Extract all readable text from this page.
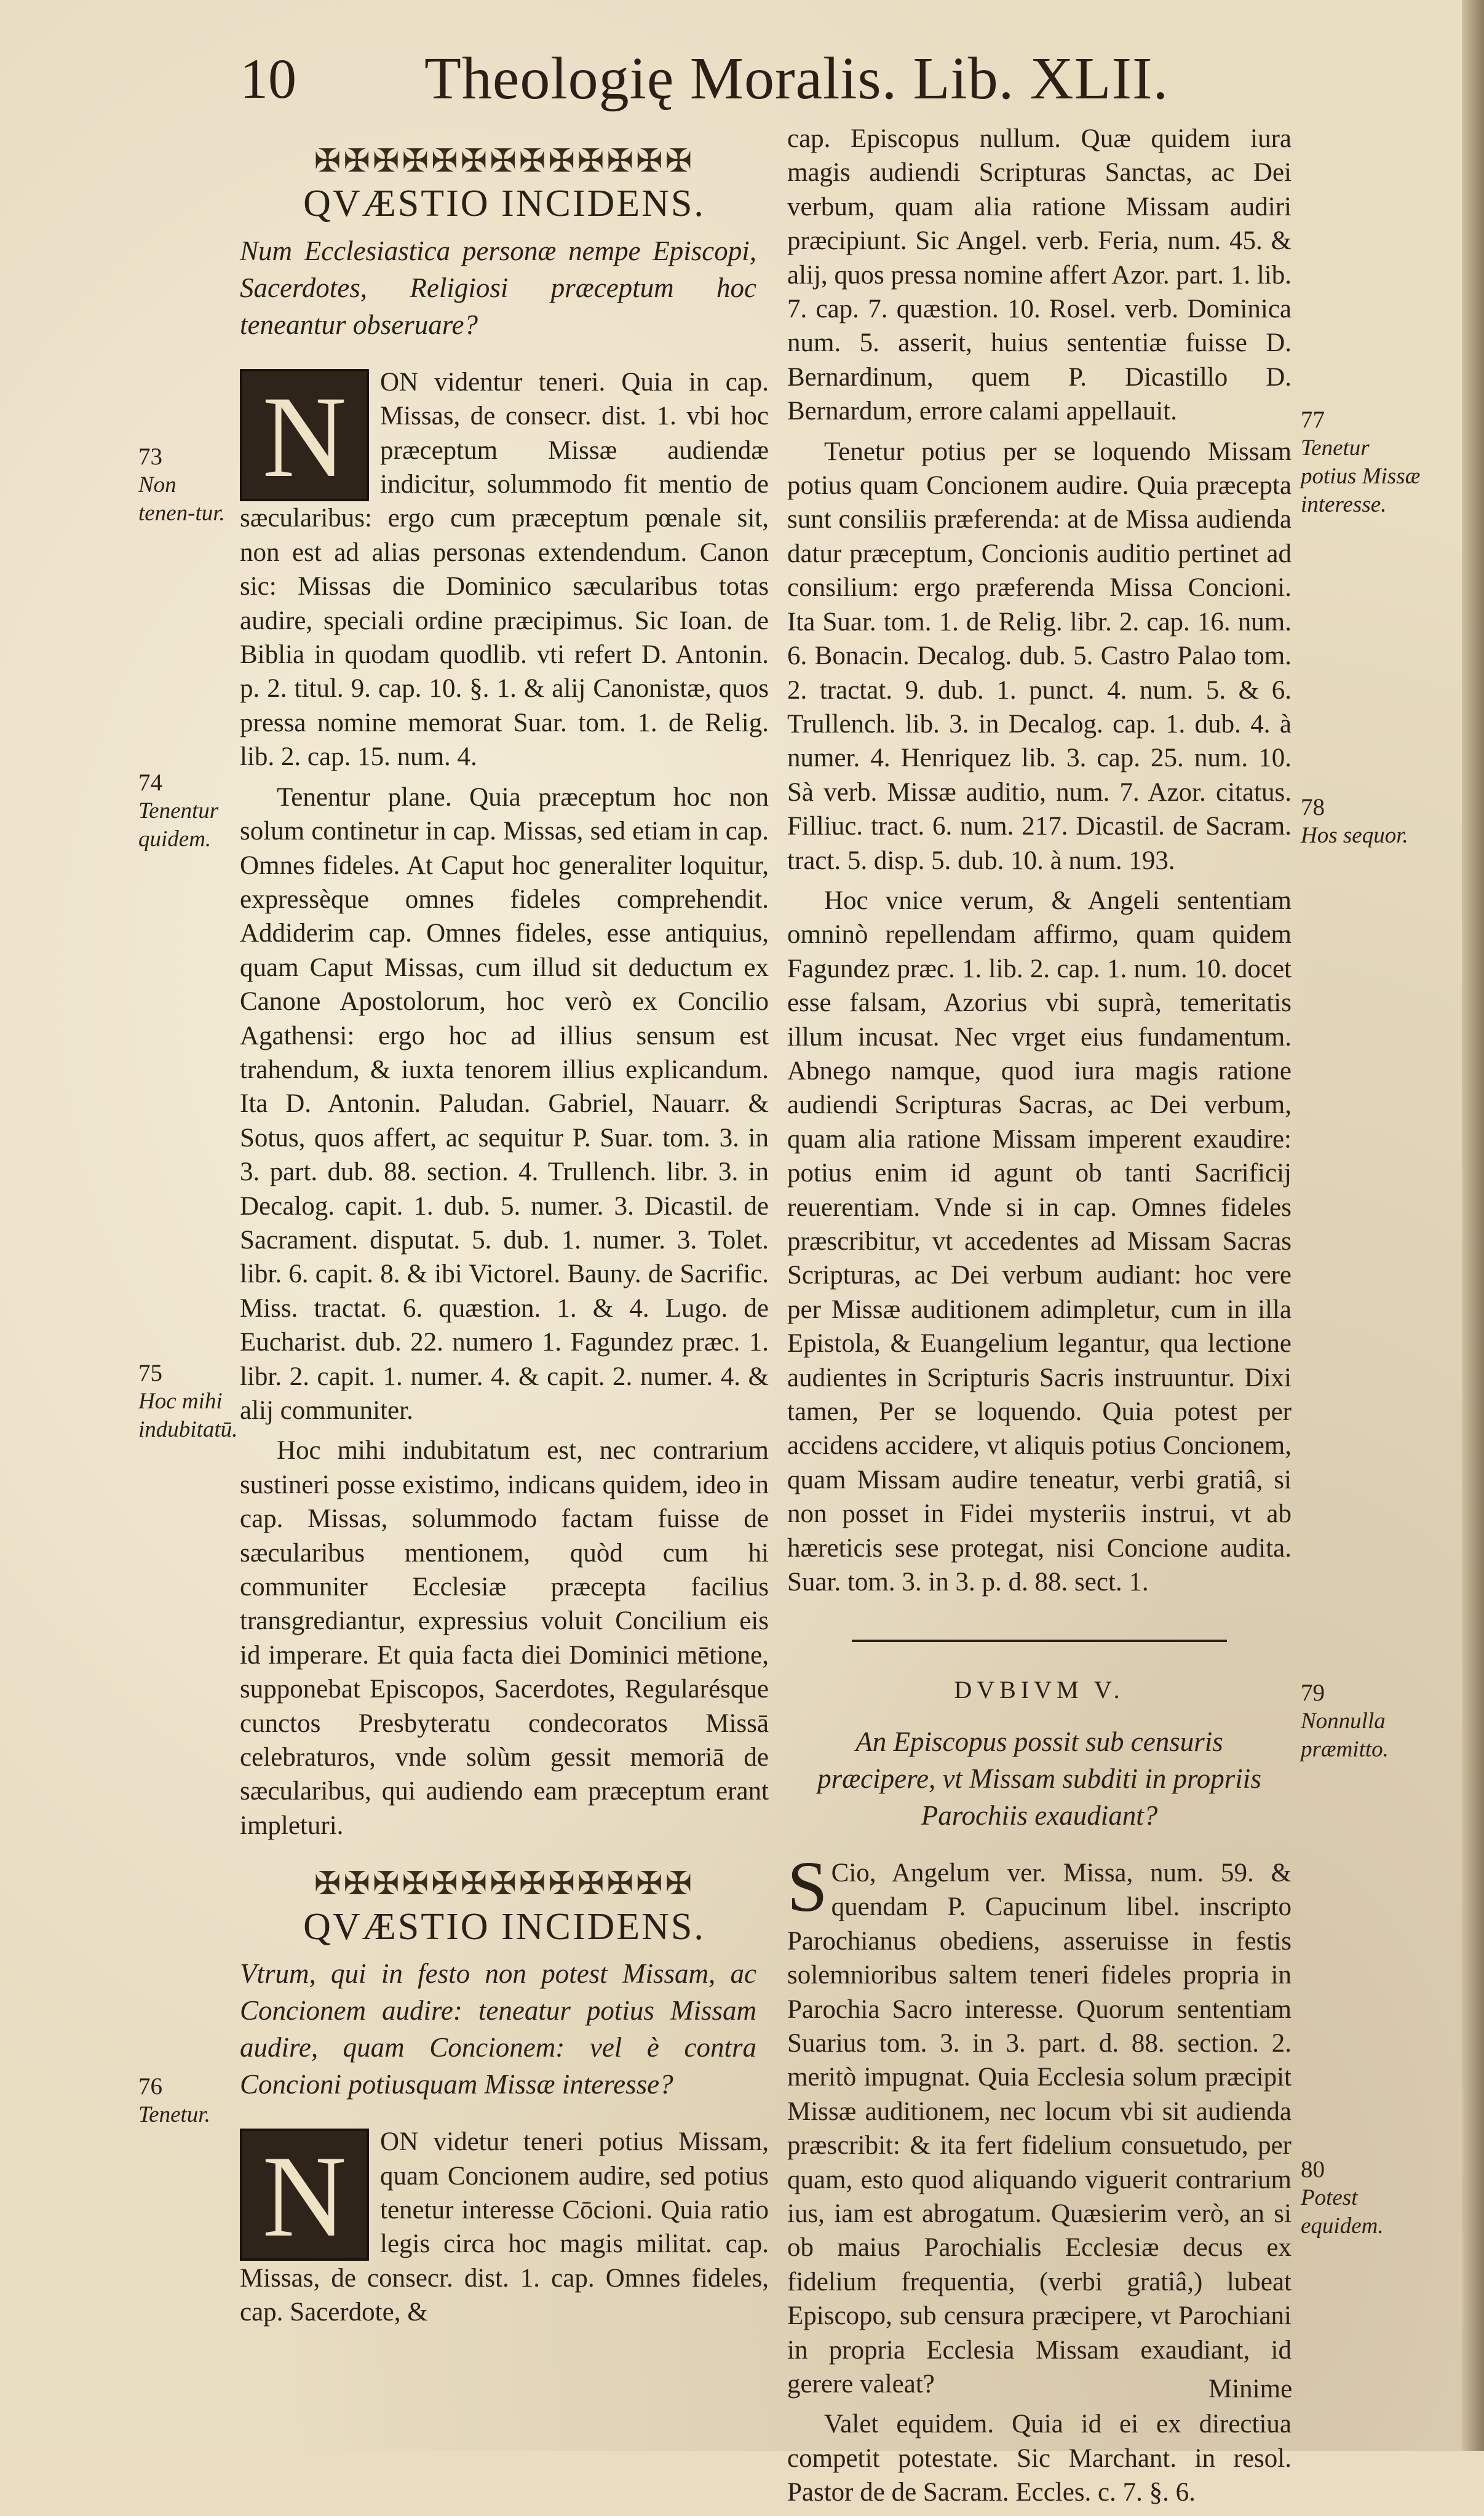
10 Theologię Moralis. Lib. XLII.
✠✠✠✠✠✠✠✠✠✠✠✠✠
QVÆSTIO INCIDENS.
Num Ecclesiastica personæ nempe Episcopi, Sacerdotes, Religiosi præceptum hoc teneantur obseruare?

N	ON videntur teneri. Quia in cap. Missas, de consecr. dist. 1. vbi hoc præceptum Missæ audiendæ indicitur, solummodo fit mentio de sæcularibus: ergo cum præceptum pœnale sit, non est ad alias personas extendendum. Canon sic: Missas die Dominico sæcularibus totas audire, speciali ordine præcipimus. Sic Ioan. de Biblia in quodam quodlib. vti refert D. Antonin. p. 2. titul. 9. cap. 10. §. 1. & alij Canonistæ, quos pressa nomine memorat Suar. tom. 1. de Relig. lib. 2. cap. 15. num. 4.

Tenentur plane. Quia præceptum hoc non solum continetur in cap. Missas, sed etiam in cap. Omnes fideles. At Caput hoc generaliter loquitur, expressèque omnes fideles comprehendit. Addiderim cap. Omnes fideles, esse antiquius, quam Caput Missas, cum illud sit deductum ex Canone Apostolorum, hoc verò ex Concilio Agathensi: ergo hoc ad illius sensum est trahendum, & iuxta tenorem illius explicandum. Ita D. Antonin. Paludan. Gabriel, Nauarr. & Sotus, quos affert, ac sequitur P. Suar. tom. 3. in 3. part. dub. 88. section. 4. Trullench. libr. 3. in Decalog. capit. 1. dub. 5. numer. 3. Dicastil. de Sacrament. disputat. 5. dub. 1. numer. 3. Tolet. libr. 6. capit. 8. & ibi Victorel. Bauny. de Sacrific. Miss. tractat. 6. quæstion. 1. & 4. Lugo. de Eucharist. dub. 22. numero 1. Fagundez præc. 1. libr. 2. capit. 1. numer. 4. & capit. 2. numer. 4. & alij communiter.

Hoc mihi indubitatum est, nec contrarium sustineri posse existimo, indicans quidem, ideo in cap. Missas, solummodo factam fuisse de sæcularibus mentionem, quòd cum hi communiter Ecclesiæ præcepta facilius transgrediantur, expressius voluit Concilium eis id imperare. Et quia facta diei Dominici mētione, supponebat Episcopos, Sacerdotes, Regularésque cunctos Presbyteratu condecoratos Missā celebraturos, vnde solùm gessit memoriā de sæcularibus, qui audiendo eam præceptum erant impleturi.

✠✠✠✠✠✠✠✠✠✠✠✠✠
QVÆSTIO INCIDENS.
Vtrum, qui in festo non potest Missam, ac Concionem audire: teneatur potius Missam audire, quam Concionem: vel è contra Concioni potiusquam Missæ interesse?

N	ON videtur teneri potius Missam, quam Concionem audire, sed potius tenetur interesse Cōcioni. Quia ratio legis circa hoc magis militat. cap. Missas, de consecr. dist. 1. cap. Omnes fideles, cap. Sacerdote, &

cap. Episcopus nullum. Quæ quidem iura magis audiendi Scripturas Sanctas, ac Dei verbum, quam alia ratione Missam audiri præcipiunt. Sic Angel. verb. Feria, num. 45. & alij, quos pressa nomine affert Azor. part. 1. lib. 7. cap. 7. quæstion. 10. Rosel. verb. Dominica num. 5. asserit, huius sententiæ fuisse D. Bernardinum, quem P. Dicastillo D. Bernardum, errore calami appellauit.

Tenetur potius per se loquendo Missam potius quam Concionem audire. Quia præcepta sunt consiliis præferenda: at de Missa audienda datur præceptum, Concionis auditio pertinet ad consilium: ergo præferenda Missa Concioni. Ita Suar. tom. 1. de Relig. libr. 2. cap. 16. num. 6. Bonacin. Decalog. dub. 5. Castro Palao tom. 2. tractat. 9. dub. 1. punct. 4. num. 5. & 6. Trullench. lib. 3. in Decalog. cap. 1. dub. 4. à numer. 4. Henriquez lib. 3. cap. 25. num. 10. Sà verb. Missæ auditio, num. 7. Azor. citatus. Filliuc. tract. 6. num. 217. Dicastil. de Sacram. tract. 5. disp. 5. dub. 10. à num. 193.

Hoc vnice verum, & Angeli sententiam omninò repellendam affirmo, quam quidem Fagundez præc. 1. lib. 2. cap. 1. num. 10. docet esse falsam, Azorius vbi suprà, temeritatis illum incusat. Nec vrget eius fundamentum. Abnego namque, quod iura magis ratione audiendi Scripturas Sacras, ac Dei verbum, quam alia ratione Missam imperent exaudire: potius enim id agunt ob tanti Sacrificij reuerentiam. Vnde si in cap. Omnes fideles præscribitur, vt accedentes ad Missam Sacras Scripturas, ac Dei verbum audiant: hoc vere per Missæ auditionem adimpletur, cum in illa Epistola, & Euangelium legantur, qua lectione audientes in Scripturis Sacris instruuntur. Dixi tamen, Per se loquendo. Quia potest per accidens accidere, vt aliquis potius Concionem, quam Missam audire teneatur, verbi gratiâ, si non posset in Fidei mysteriis instrui, vt ab hæreticis sese protegat, nisi Concione audita. Suar. tom. 3. in 3. p. d. 88. sect. 1.

DVBIVM V.
An Episcopus possit sub censuris præcipere, vt Missam subditi in propriis Parochiis exaudiant?

S Cio, Angelum ver. Missa, num. 59. & quendam P. Capucinum libel. inscripto Parochianus obediens, asseruisse in festis solemnioribus saltem teneri fideles propria in Parochia Sacro interesse. Quorum sententiam Suarius tom. 3. in 3. part. d. 88. section. 2. meritò impugnat. Quia Ecclesia solum præcipit Missæ auditionem, nec locum vbi sit audienda præscribit: & ita fert fidelium consuetudo, per quam, esto quod aliquando viguerit contrarium ius, iam est abrogatum. Quæsierim verò, an si ob maius Parochialis Ecclesiæ decus ex fidelium frequentia, (verbi gratiâ,) lubeat Episcopo, sub censura præcipere, vt Parochiani in propria Ecclesia Missam exaudiant, id gerere valeat?

Valet equidem. Quia id ei ex directiua competit potestate. Sic Marchant. in resol. Pastor de de Sacram. Eccles. c. 7. §. 6.

73
Non tenen-tur.
74
Tenentur quidem.
75
Hoc mihi indubitatū.
76
Tenetur.
77
Tenetur potius Missæ interesse.
78
Hos sequor.
79
Nonnulla præmitto.
80
Potest equidem.
Minime
